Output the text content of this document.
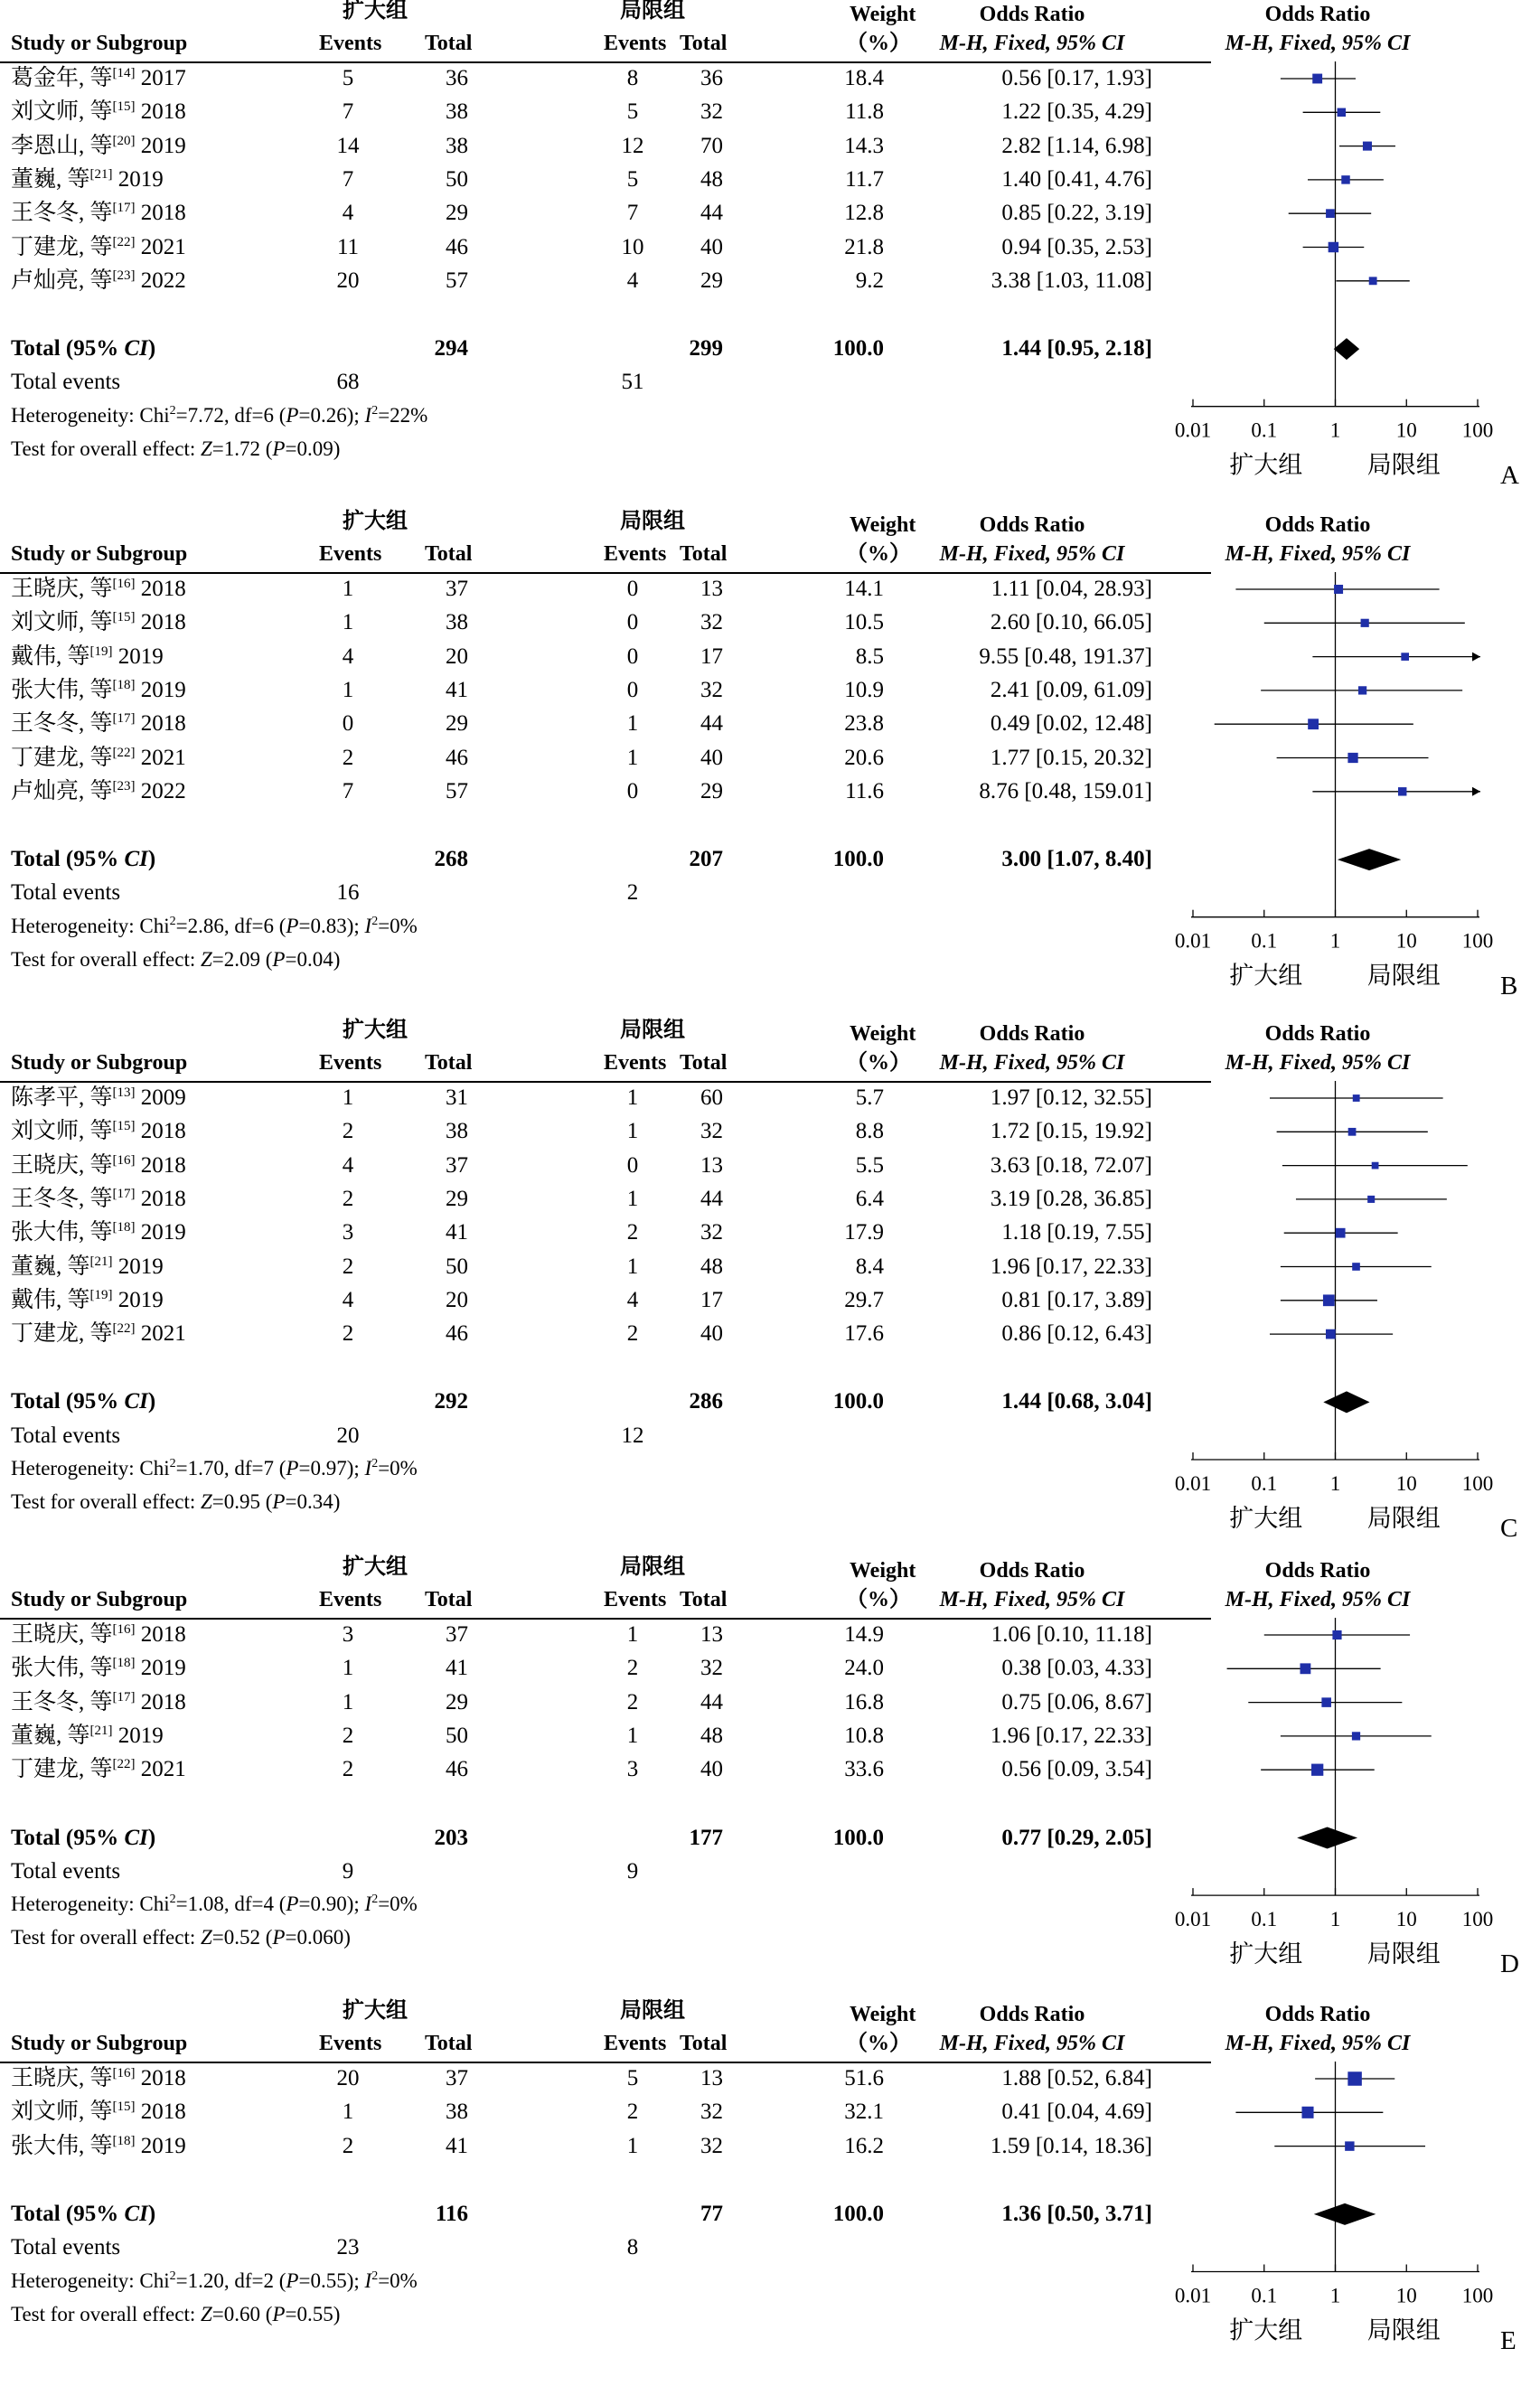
扩大组	局限组	Weight	Odds Ratio	Odds Ratio
Study or Subgroup	Events Total	Events Total	（%） M-H, Fixed, 95% CI	M-H, Fixed, 95% CI
葛金年, 等[14] 2017	5	36	8	36	18.4	0.56 [0.17, 1.93]
刘文师, 等[15] 2018	7	38	5	32	11.8	1.22 [0.35, 4.29]
李恩山, 等[20] 2019	14	38	12	70	14.3	2.82 [1.14, 6.98]
董巍, 等[21] 2019	7	50	5	48	11.7	1.40 [0.41, 4.76]
王冬冬, 等[17] 2018	4	29	7	44	12.8	0.85 [0.22, 3.19]
丁建龙, 等[22] 2021	11	46	10	40	21.8	0.94 [0.35, 2.53]
卢灿亮, 等[23] 2022	20	57	4	29	9.2	3.38 [1.03, 11.08]
Total (95% CI)	294	299	100.0	1.44 [0.95, 2.18]
Total events	68	51
Heterogeneity: Chi$^2$=7.72, df=6 (P=0.26); $I^2=22\%$
Test for overall effect: Z=1.72 (P=0.09)
0.01 0.1	1	10 100
扩大组	局限组 A
扩大组	局限组	Weight	Odds Ratio	Odds Ratio
Study or Subgroup	Events Total	Events Total	（%） M-H, Fixed, 95% CI	M-H, Fixed, 95% CI
王晓庆, 等[16] 2018	1	37	0	13	14.1	1.11 [0.04, 28.93]
刘文师, 等[15] 2018	1	38	0	32	10.5	2.60 [0.10, 66.05]
戴伟, 等[19] 2019	4	20	0	17	8.5	9.55 [0.48, 191.37]
张大伟, 等[18] 2019	1	41	0	32	10.9	2.41 [0.09, 61.09]
王冬冬, 等[17] 2018	0	29	1	44	23.8	0.49 [0.02, 12.48]
丁建龙, 等[22] 2021	2	46	1	40	20.6	1.77 [0.15, 20.32]
卢灿亮, 等[23] 2022	7	57	0	29	11.6	8.76 [0.48, 159.01]
Total (95% CI)	268	207	100.0	3.00 [1.07, 8.40]
Total events	16	2
Heterogeneity: Chi$^2$=2.86, df=6 (P=0.83); $I^2=0\%$
Test for overall effect: Z=2.09 (P=0.04)
0.01 0.1	1	10 100
扩大组	局限组 B
扩大组	局限组	Weight	Odds Ratio	Odds Ratio
Study or Subgroup	Events Total	Events Total	（%） M-H, Fixed, 95% CI	M-H, Fixed, 95% CI
陈孝平, 等[13] 2009	1	31	1	60	5.7	1.97 [0.12, 32.55]
刘文师, 等[15] 2018	2	38	1	32	8.8	1.72 [0.15, 19.92]
王晓庆, 等[16] 2018	4	37	0	13	5.5	3.63 [0.18, 72.07]
王冬冬, 等[17] 2018	2	29	1	44	6.4	3.19 [0.28, 36.85]
张大伟, 等[18] 2019	3	41	2	32	17.9	1.18 [0.19, 7.55]
董巍, 等[21] 2019	2	50	1	48	8.4	1.96 [0.17, 22.33]
戴伟, 等[19] 2019	4	20	4	17	29.7	0.81 [0.17, 3.89]
丁建龙, 等[22] 2021	2	46	2	40	17.6	0.86 [0.12, 6.43]
Total (95% CI)	292	286	100.0	1.44 [0.68, 3.04]
Total events	20	12
Heterogeneity: Chi$^2$=1.70, df=7 (P=0.97); $I^2=0\%$
Test for overall effect: Z=0.95 (P=0.34)
0.01 0.1	1	10 100
扩大组	局限组 C
扩大组	局限组	Weight	Odds Ratio	Odds Ratio
Study or Subgroup	Events Total	Events Total	（%） M-H, Fixed, 95% CI	M-H, Fixed, 95% CI
王晓庆, 等[16] 2018	3	37	1	13	14.9	1.06 [0.10, 11.18]
张大伟, 等[18] 2019	1	41	2	32	24.0	0.38 [0.03, 4.33]
王冬冬, 等[17] 2018	1	29	2	44	16.8	0.75 [0.06, 8.67]
董巍, 等[21] 2019	2	50	1	48	10.8	1.96 [0.17, 22.33]
丁建龙, 等[22] 2021	2	46	3	40	33.6	0.56 [0.09, 3.54]
Total (95% CI)	203	177	100.0	0.77 [0.29, 2.05]
Total events	9	9
Heterogeneity: Chi$^2$=1.08, df=4 (P=0.90); $I^2=0\%$
Test for overall effect: Z=0.52 (P=0.060)
0.01 0.1	1	10 100
扩大组	局限组 D
扩大组	局限组	Weight	Odds Ratio	Odds Ratio
Study or Subgroup	Events Total	Events Total	（%） M-H, Fixed, 95% CI	M-H, Fixed, 95% CI
王晓庆, 等[16] 2018	20	37	5	13	51.6	1.88 [0.52, 6.84]
刘文师, 等[15] 2018	1	38	2	32	32.1	0.41 [0.04, 4.69]
张大伟, 等[18] 2019	2	41	1	32	16.2	1.59 [0.14, 18.36]
Total (95% CI)	116	77	100.0	1.36 [0.50, 3.71]
Total events	23	8
Heterogeneity: Chi$^2$=1.20, df=2 (P=0.55); $I^2=0\%$
Test for overall effect: Z=0.60 (P=0.55)
0.01 0.1	1	10 100
扩大组	局限组 E
